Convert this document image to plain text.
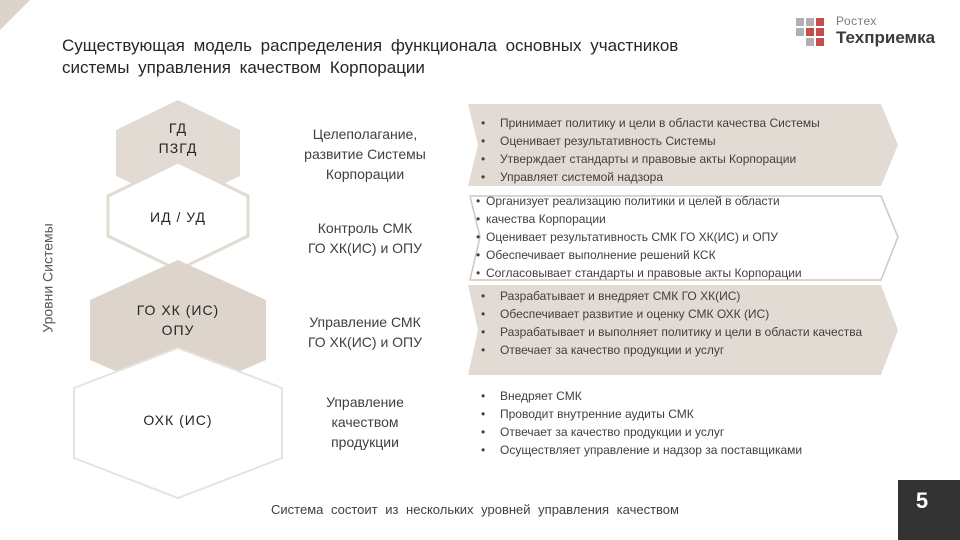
Существующая модель распределения функционала основных участников
системы управления качеством Корпорации
Ростех
Техприемка
Уровни Системы
ГД
ПЗГД
ИД / УД
ГО ХК (ИС)
ОПУ
ОХК (ИС)
Целеполагание,
развитие Системы
Корпорации
Контроль СМК
ГО ХК(ИС) и ОПУ
Управление СМК
ГО ХК(ИС) и ОПУ
Управление
качеством
продукции
• Принимает политику и цели в области качества Системы
• Оценивает результативность Системы
• Утверждает стандарты и правовые акты Корпорации
• Управляет системой надзора
• Организует реализацию политики и целей в области
• качества Корпорации
• Оценивает результативность СМК ГО ХК(ИС) и ОПУ
• Обеспечивает выполнение решений КСК
• Согласовывает стандарты и правовые акты Корпорации
• Разрабатывает и внедряет СМК ГО ХК(ИС)
• Обеспечивает развитие и оценку СМК ОХК (ИС)
• Разрабатывает и выполняет политику и цели в области качества
• Отвечает за качество продукции и услуг
• Внедряет СМК
• Проводит внутренние аудиты СМК
• Отвечает за качество продукции и услуг
• Осуществляет управление и надзор за поставщиками
Система состоит из нескольких уровней управления качеством	5
